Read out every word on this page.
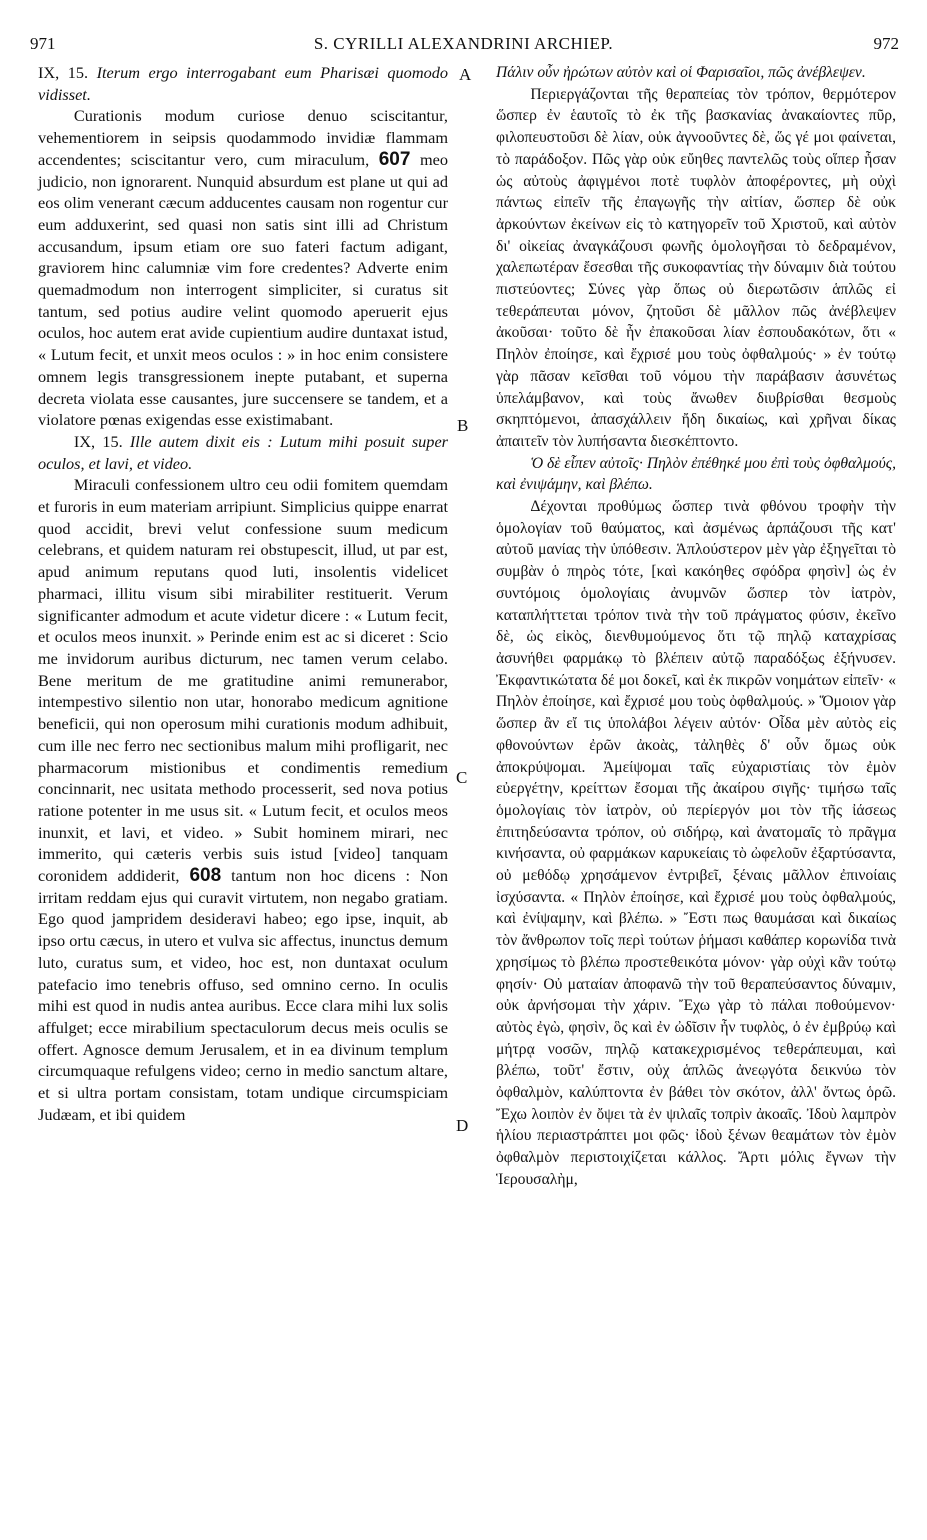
971	S. CYRILLI ALEXANDRINI ARCHIEP.	972
A
B
C
D

IX, 15. Iterum ergo interrogabant eum Pharisæi quomodo vidisset.

Curationis modum curiose denuo sciscitantur, vehementiorem in seipsis quodammodo invidiæ flammam accendentes; sciscitantur vero, cum miraculum, 607 meo judicio, non ignorarent. Nunquid absurdum est plane ut qui ad eos olim venerant cæcum adducentes causam non rogentur cur eum adduxerint, sed quasi non satis sint illi ad Christum accusandum, ipsum etiam ore suo fateri factum adigant, graviorem hinc calumniæ vim fore credentes? Adverte enim quemadmodum non interrogent simpliciter, si curatus sit tantum, sed potius audire velint quomodo aperuerit ejus oculos, hoc autem erat avide cupientium audire duntaxat istud, « Lutum fecit, et unxit meos oculos : » in hoc enim consistere omnem legis transgressionem inepte putabant, et superna decreta violata esse causantes, jure succensere se tandem, et a violatore pœnas exigendas esse existimabant.

IX, 15. Ille autem dixit eis : Lutum mihi posuit super oculos, et lavi, et video.

Miraculi confessionem ultro ceu odii fomitem quemdam et furoris in eum materiam arripiunt. Simplicius quippe enarrat quod accidit, brevi velut confessione suum medicum celebrans, et quidem naturam rei obstupescit, illud, ut par est, apud animum reputans quod luti, insolentis videlicet pharmaci, illitu visum sibi mirabiliter restituerit. Verum significanter admodum et acute videtur dicere : « Lutum fecit, et oculos meos inunxit. » Perinde enim est ac si diceret : Scio me invidorum auribus dicturum, nec tamen verum celabo. Bene meritum de me gratitudine animi remunerabor, intempestivo silentio non utar, honorabo medicum agnitione beneficii, qui non operosum mihi curationis modum adhibuit, cum ille nec ferro nec sectionibus malum mihi profligarit, nec pharmacorum mistionibus et condimentis remedium concinnarit, nec usitata methodo processerit, sed nova potius ratione potenter in me usus sit. « Lutum fecit, et oculos meos inunxit, et lavi, et video. » Subit hominem mirari, nec immerito, qui cæteris verbis suis istud [video] tanquam coronidem addiderit, 608 tantum non hoc dicens : Non irritam reddam ejus qui curavit virtutem, non negabo gratiam. Ego quod jampridem desideravi habeo; ego ipse, inquit, ab ipso ortu cæcus, in utero et vulva sic affectus, inunctus demum luto, curatus sum, et video, hoc est, non duntaxat oculum patefacio imo tenebris offuso, sed omnino cerno. In oculis mihi est quod in nudis antea auribus. Ecce clara mihi lux solis affulget; ecce mirabilium spectaculorum decus meis oculis se offert. Agnosce demum Jerusalem, et in ea divinum templum circumquaque refulgens video; cerno in medio sanctum altare, et si ultra portam consistam, totam undique circumspiciam Judæam, et ibi quidem

Πάλιν οὖν ἠρώτων αὐτὸν καὶ οἱ Φαρισαῖοι, πῶς ἀνέβλεψεν.

Περιεργάζονται τῆς θεραπείας τὸν τρόπον, θερμότερον ὥσπερ ἐν ἑαυτοῖς τὸ ἐκ τῆς βασκανίας ἀνακαίοντες πῦρ, φιλοπευστοῦσι δὲ λίαν, οὐκ ἀγνοοῦντες δὲ, ὥς γέ μοι φαίνεται, τὸ παράδοξον. Πῶς γὰρ οὐκ εὔηθες παντελῶς τοὺς οἵπερ ἦσαν ὡς αὐτοὺς ἀφιγμένοι ποτὲ τυφλὸν ἀποφέροντες, μὴ οὐχὶ πάντως εἰπεῖν τῆς ἐπαγωγῆς τὴν αἰτίαν, ὥσπερ δὲ οὐκ ἀρκούντων ἐκείνων εἰς τὸ κατηγορεῖν τοῦ Χριστοῦ, καὶ αὐτὸν δι' οἰκείας ἀναγκάζουσι φωνῆς ὁμολογῆσαι τὸ δεδραμένον, χαλεπωτέραν ἔσεσθαι τῆς συκοφαντίας τὴν δύναμιν διὰ τούτου πιστεύοντες; Σύνες γὰρ ὅπως οὐ διερωτῶσιν ἁπλῶς εἰ τεθεράπευται μόνον, ζητοῦσι δὲ μᾶλλον πῶς ἀνέβλεψεν ἀκοῦσαι· τοῦτο δὲ ἦν ἐπακοῦσαι λίαν ἐσπουδακότων, ὅτι « Πηλὸν ἐποίησε, καὶ ἔχρισέ μου τοὺς ὀφθαλμούς· » ἐν τούτῳ γὰρ πᾶσαν κεῖσθαι τοῦ νόμου τὴν παράβασιν ἀσυνέτως ὑπελάμβανον, καὶ τοὺς ἄνωθεν διυβρίσθαι θεσμοὺς σκηπτόμενοι, ἀπασχάλλειν ἤδη δικαίως, καὶ χρῆναι δίκας ἀπαιτεῖν τὸν λυπήσαντα διεσκέπτοντο.

Ὁ δὲ εἶπεν αὐτοῖς· Πηλὸν ἐπέθηκέ μου ἐπὶ τοὺς ὀφθαλμούς, καὶ ἐνιψάμην, καὶ βλέπω.

Δέχονται προθύμως ὥσπερ τινὰ φθόνου τροφὴν τὴν ὁμολογίαν τοῦ θαύματος, καὶ ἀσμένως ἁρπάζουσι τῆς κατ' αὐτοῦ μανίας τὴν ὑπόθεσιν. Ἁπλούστερον μὲν γὰρ ἐξηγεῖται τὸ συμβὰν ὁ πηρὸς τότε, [καὶ κακόηθες σφόδρα φησὶν] ὡς ἐν συντόμοις ὁμολογίαις ἀνυμνῶν ὥσπερ τὸν ἰατρὸν, καταπλήττεται τρόπον τινὰ τὴν τοῦ πράγματος φύσιν, ἐκεῖνο δὲ, ὡς εἰκὸς, διενθυμούμενος ὅτι τῷ πηλῷ καταχρίσας ἀσυνήθει φαρμάκῳ τὸ βλέπειν αὐτῷ παραδόξως ἐξήνυσεν. Ἐκφαντικώτατα δέ μοι δοκεῖ, καὶ ἐκ πικρῶν νοημάτων εἰπεῖν· « Πηλὸν ἐποίησε, καὶ ἔχρισέ μου τοὺς ὀφθαλμούς. » Ὅμοιον γὰρ ὥσπερ ἂν εἴ τις ὑπολάβοι λέγειν αὐτόν· Οἶδα μὲν αὐτὸς εἰς φθονούντων ἐρῶν ἀκοὰς, τἀληθὲς δ' οὖν ὅμως οὐκ ἀποκρύψομαι. Ἀμείψομαι ταῖς εὐχαριστίαις τὸν ἐμὸν εὐεργέτην, κρείττων ἔσομαι τῆς ἀκαίρου σιγῆς· τιμήσω ταῖς ὁμολογίαις τὸν ἰατρὸν, οὐ περίεργόν μοι τὸν τῆς ἰάσεως ἐπιτηδεύσαντα τρόπον, οὐ σιδήρῳ, καὶ ἀνατομαῖς τὸ πρᾶγμα κινήσαντα, οὐ φαρμάκων καρυκείαις τὸ ὠφελοῦν ἐξαρτύσαντα, οὐ μεθόδῳ χρησάμενον ἐντριβεῖ, ξέναις μᾶλλον ἐπινοίαις ἰσχύσαντα. « Πηλὸν ἐποίησε, καὶ ἔχρισέ μου τοὺς ὀφθαλμούς, καὶ ἐνίψαμην, καὶ βλέπω. » Ἔστι πως θαυμάσαι καὶ δικαίως τὸν ἄνθρωπον τοῖς περὶ τούτων ῥήμασι καθάπερ κορωνίδα τινὰ χρησίμως τὸ βλέπω προστεθεικότα μόνον· γὰρ οὐχὶ κἂν τούτῳ φησίν· Οὐ ματαίαν ἀποφανῶ τὴν τοῦ θεραπεύσαντος δύναμιν, οὐκ ἀρνήσομαι τὴν χάριν. Ἔχω γὰρ τὸ πάλαι ποθούμενον· αὐτὸς ἐγὼ, φησὶν, ὃς καὶ ἐν ὠδῖσιν ἦν τυφλὸς, ὁ ἐν ἐμβρύῳ καὶ μήτρᾳ νοσῶν, πηλῷ κατακεχρισμένος τεθεράπευμαι, καὶ βλέπω, τοῦτ' ἔστιν, οὐχ ἁπλῶς ἀνεῳγότα δεικνύω τὸν ὀφθαλμὸν, καλύπτοντα ἐν βάθει τὸν σκότον, ἀλλ' ὄντως ὁρῶ. Ἔχω λοιπὸν ἐν ὄψει τὰ ἐν ψιλαῖς τοπρὶν ἀκοαῖς. Ἰδοὺ λαμπρὸν ἡλίου περιαστράπτει μοι φῶς· ἰδοὺ ξένων θεαμάτων τὸν ἐμὸν ὀφθαλμὸν περιστοιχίζεται κάλλος. Ἄρτι μόλις ἔγνων τὴν Ἱερουσαλὴμ,
